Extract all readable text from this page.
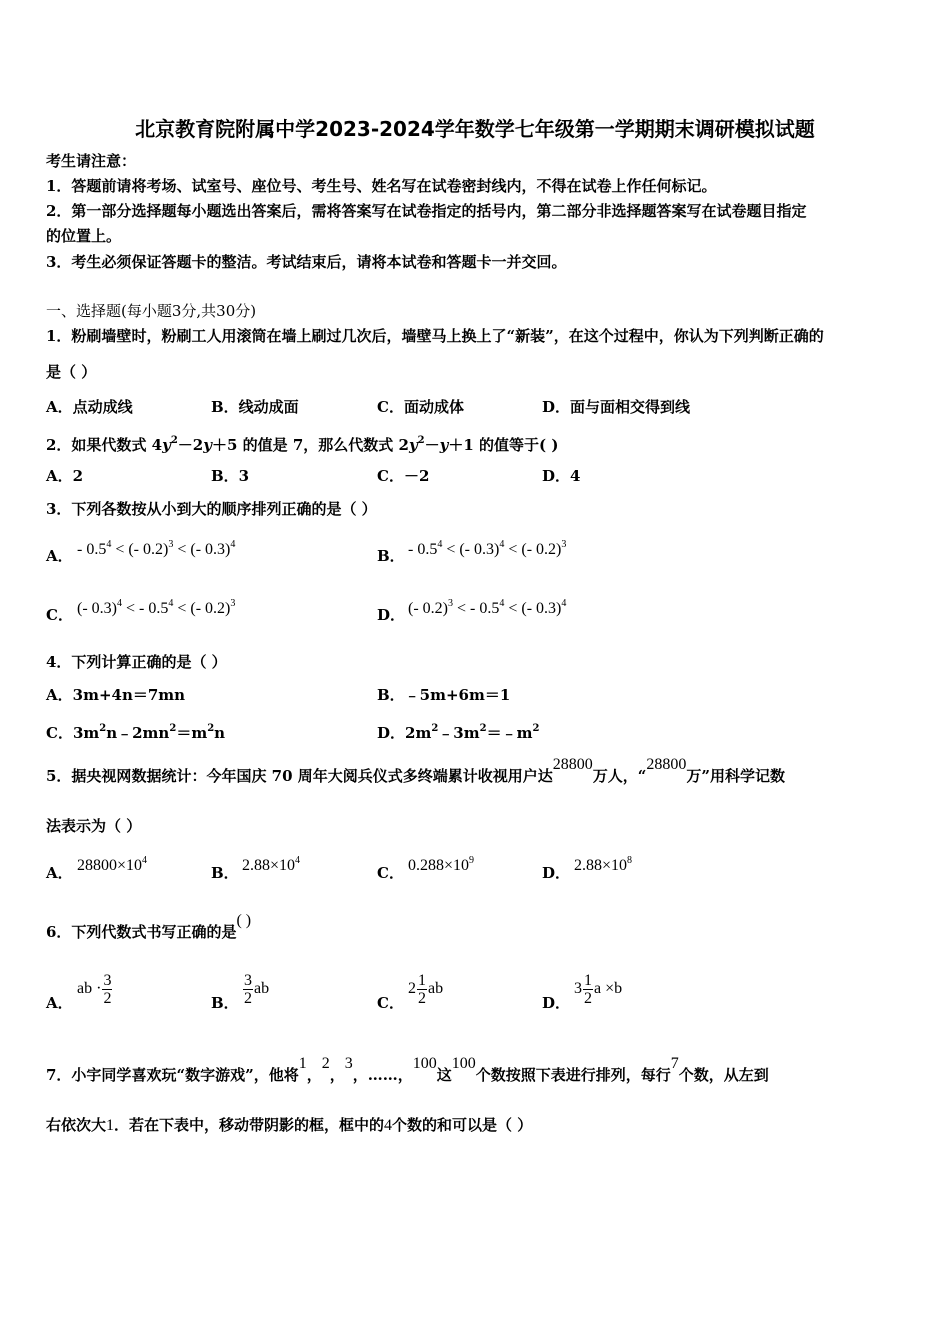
北京教育院附属中学2023-2024学年数学七年级第一学期期末调研模拟试题
考生请注意：
1．答题前请将考场、试室号、座位号、考生号、姓名写在试卷密封线内，不得在试卷上作任何标记。
2．第一部分选择题每小题选出答案后，需将答案写在试卷指定的括号内，第二部分非选择题答案写在试卷题目指定
的位置上。
3．考生必须保证答题卡的整洁。考试结束后，请将本试卷和答题卡一并交回。
一、选择题(每小题3分,共30分)
1．粉刷墙壁时，粉刷工人用滚筒在墙上刷过几次后，墙壁马上换上了“新装”，在这个过程中，你认为下列判断正确的
是（ ）
A．点动成线	B．线动成面	C．面动成体	D．面与面相交得到线
2．如果代数式 $4y^2-2y+5$ 的值是 7，那么代数式 $2y^2-y+1$ 的值等于( )
A．2	B．3	C．－2	D．4
3．下列各数按从小到大的顺序排列正确的是（ ）
A． - $0.5^4$ < (- 0.2)$^3$ < (- 0.3)$^4$
B． - $0.5^4$ < (- 0.3)$^4$ < (- 0.2)$^3$
C． (- 0.3)$^4$ < - $0.5^4$ < (- 0.2)$^3$
D． (- 0.2)$^3$ < - $0.5^4$ < (- 0.3)$^4$
4．下列计算正确的是（ ）
A．3m+4n＝7mn	B．﹣5m+6m＝1
C．$3m^2n﹣2mn^2=m^2n$	D．$2m^2﹣3m^2=﹣m^2$
5．据央视网数据统计：今年国庆 70 周年大阅兵仪式多终端累计收视用户达28800万人，“28800万”用科学记数
法表示为（ ）
A． $28800\times 10^4$
B． $2.88\times 10^4$
C． $0.288\times 10^9$
D． $2.88\times 10^8$
6．下列代数式书写正确的是( )
A．
ab · $\frac{3}{2}$	B． $\frac{3}{2}$ ab
C．
$2 \frac{1}{2}$ ab
D．
$3 \frac{1}{2}$ a ×b
7．小宇同学喜欢玩“数字游戏”，他将1，2，3，……，100这100个数按照下表进行排列，每行7个数，从左到
右依次大1．若在下表中，移动带阴影的框，框中的4个数的和可以是（ ）
